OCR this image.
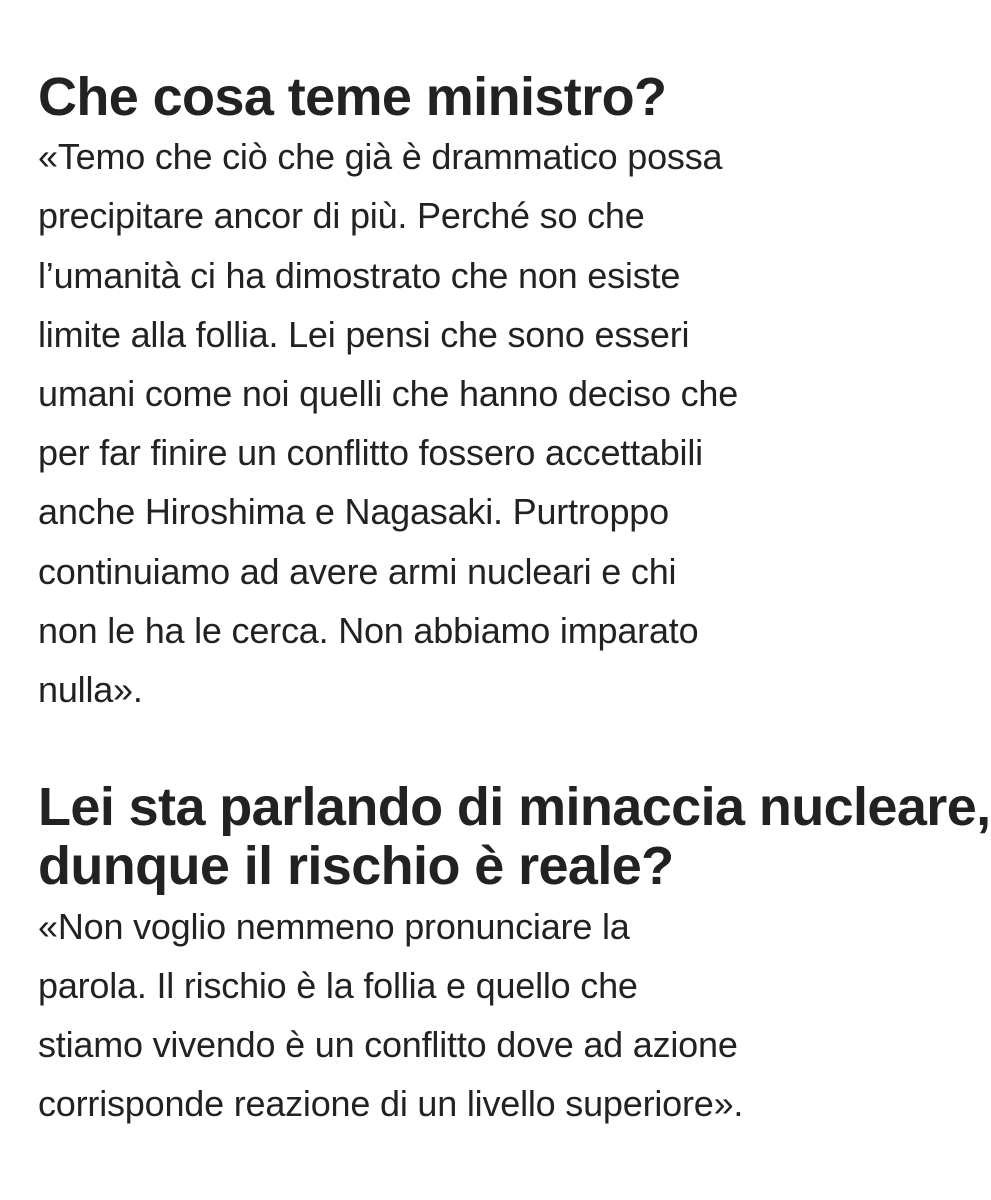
Che cosa teme ministro?

«Temo che ciò che già è drammatico possa
precipitare ancor di più. Perché so che
l’umanità ci ha dimostrato che non esiste
limite alla follia. Lei pensi che sono esseri
umani come noi quelli che hanno deciso che
per far finire un conflitto fossero accettabili
anche Hiroshima e Nagasaki. Purtroppo
continuiamo ad avere armi nucleari e chi
non le ha le cerca. Non abbiamo imparato
nulla».

Lei sta parlando di minaccia nucleare,
dunque il rischio è reale?

«Non voglio nemmeno pronunciare la
parola. Il rischio è la follia e quello che
stiamo vivendo è un conflitto dove ad azione
corrisponde reazione di un livello superiore».
